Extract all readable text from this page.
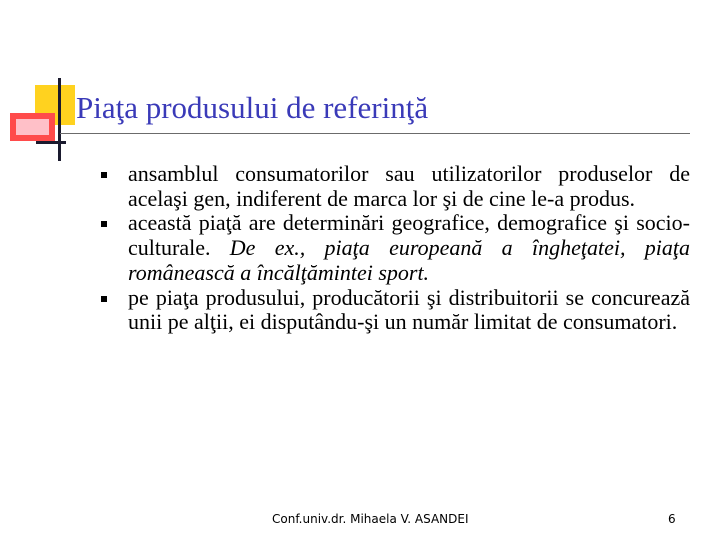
Piaţa produsului de referinţă
ansamblul consumatorilor sau utilizatorilor produselor de acelaşi gen, indiferent de marca lor şi de cine le-a produs.
această piaţă are determinări geografice, demografice şi socio-culturale. De ex., piaţa europeană a îngheţatei, piaţa românească a încălţămintei sport.
pe piaţa produsului, producătorii şi distribuitorii se concurează unii pe alţii, ei disputându-şi un număr limitat de consumatori.
Conf.univ.dr. Mihaela V. ASANDEI	6
